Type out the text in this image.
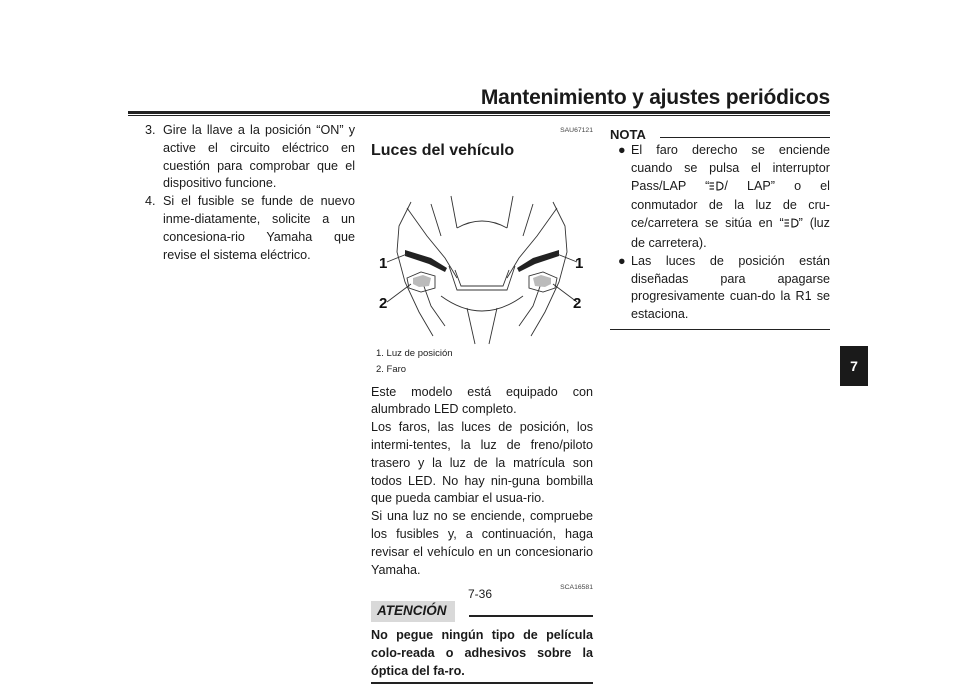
Mantenimiento y ajustes periódicos
3. Gire la llave a la posición “ON” y active el circuito eléctrico en cuestión para comprobar que el dispositivo funcione.
4. Si el fusible se funde de nuevo inme-diatamente, solicite a un concesiona-rio Yamaha que revise el sistema eléctrico.
SAU67121
Luces del vehículo
1
2
1
2
1. Luz de posición
2. Faro

Este modelo está equipado con alumbrado LED completo.

Los faros, las luces de posición, los intermi-tentes, la luz de freno/piloto trasero y la luz de la matrícula son todos LED. No hay nin-guna bombilla que pueda cambiar el usua-rio.

Si una luz no se enciende, compruebe los fusibles y, a continuación, haga revisar el vehículo en un concesionario Yamaha.

SCA16581
ATENCIÓN
No pegue ningún tipo de película colo-reada o adhesivos sobre la óptica del fa-ro.
NOTA
● El faro derecho se enciende cuando se pulsa el interruptor Pass/LAP “ / LAP” o el conmutador de la luz de cru-ce/carretera se sitúa en “ ” (luz de carretera).
● Las luces de posición están diseñadas para apagarse progresivamente cuan-do la R1 se estaciona.
7-36
7
